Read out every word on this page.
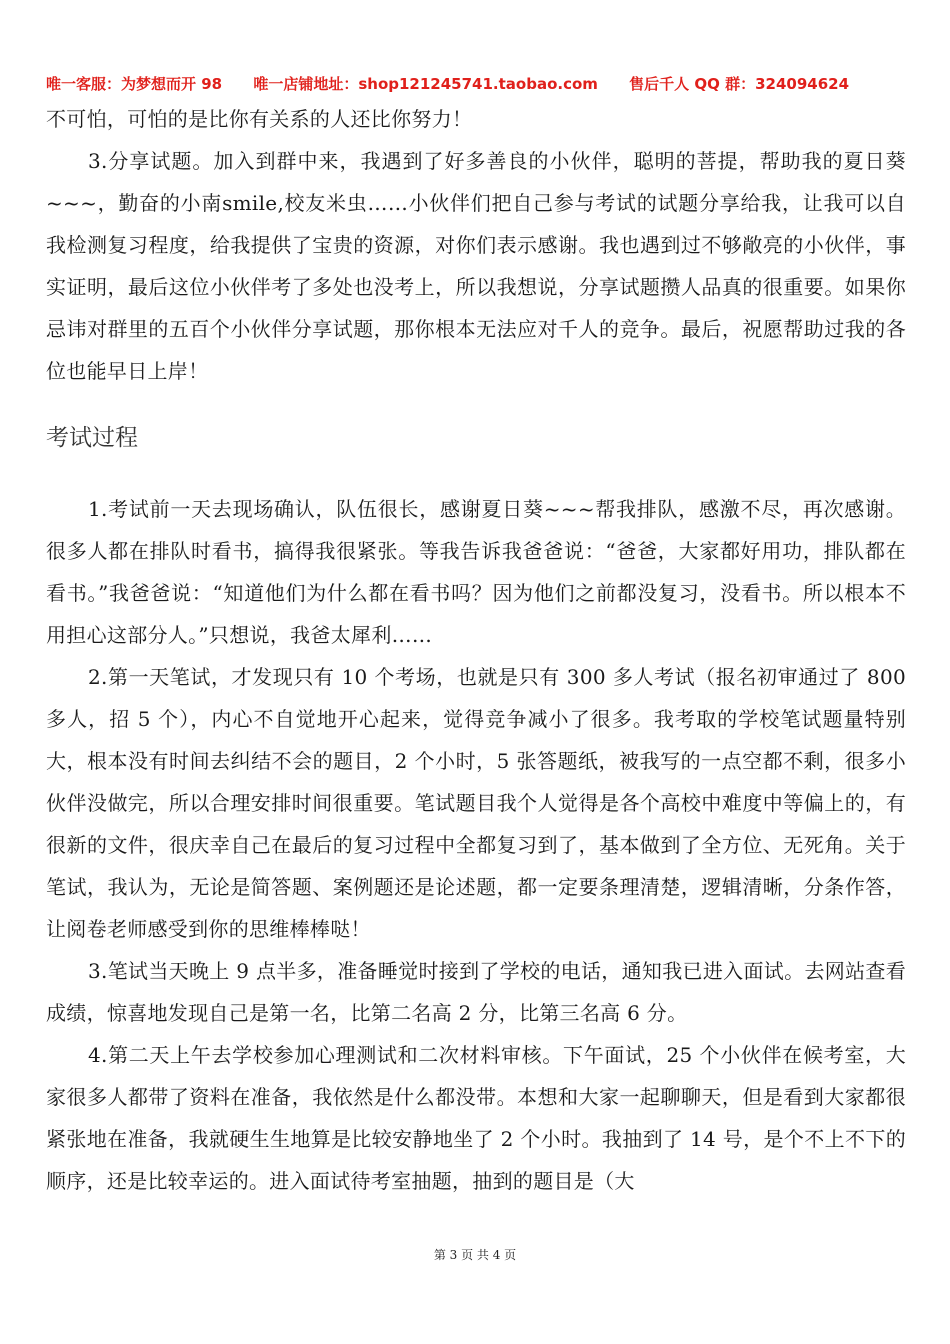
唯一客服：为梦想而开 98 唯一店铺地址：shop121245741.taobao.com 售后千人 QQ 群：324094624

不可怕，可怕的是比你有关系的人还比你努力！

3.分享试题。加入到群中来，我遇到了好多善良的小伙伴，聪明的菩提，帮助我的夏日葵~~~，勤奋的小南smile,校友米虫……小伙伴们把自己参与考试的试题分享给我，让我可以自我检测复习程度，给我提供了宝贵的资源，对你们表示感谢。我也遇到过不够敞亮的小伙伴，事实证明，最后这位小伙伴考了多处也没考上，所以我想说，分享试题攒人品真的很重要。如果你忌讳对群里的五百个小伙伴分享试题，那你根本无法应对千人的竞争。最后，祝愿帮助过我的各位也能早日上岸！

考试过程

1.考试前一天去现场确认，队伍很长，感谢夏日葵~~~帮我排队，感激不尽，再次感谢。很多人都在排队时看书，搞得我很紧张。等我告诉我爸爸说：“爸爸，大家都好用功，排队都在看书。”我爸爸说：“知道他们为什么都在看书吗？因为他们之前都没复习，没看书。所以根本不用担心这部分人。”只想说，我爸太犀利……

2.第一天笔试，才发现只有 10 个考场，也就是只有 300 多人考试（报名初审通过了 800 多人，招 5 个），内心不自觉地开心起来，觉得竞争减小了很多。我考取的学校笔试题量特别大，根本没有时间去纠结不会的题目，2 个小时，5 张答题纸，被我写的一点空都不剩，很多小伙伴没做完，所以合理安排时间很重要。笔试题目我个人觉得是各个高校中难度中等偏上的，有很新的文件，很庆幸自己在最后的复习过程中全都复习到了，基本做到了全方位、无死角。关于笔试，我认为，无论是简答题、案例题还是论述题，都一定要条理清楚，逻辑清晰，分条作答，让阅卷老师感受到你的思维棒棒哒！

3.笔试当天晚上 9 点半多，准备睡觉时接到了学校的电话，通知我已进入面试。去网站查看成绩，惊喜地发现自己是第一名，比第二名高 2 分，比第三名高 6 分。

4.第二天上午去学校参加心理测试和二次材料审核。下午面试，25 个小伙伴在候考室，大家很多人都带了资料在准备，我依然是什么都没带。本想和大家一起聊聊天，但是看到大家都很紧张地在准备，我就硬生生地算是比较安静地坐了 2 个小时。我抽到了 14 号，是个不上不下的顺序，还是比较幸运的。进入面试待考室抽题，抽到的题目是（大

第 3 页 共 4 页
